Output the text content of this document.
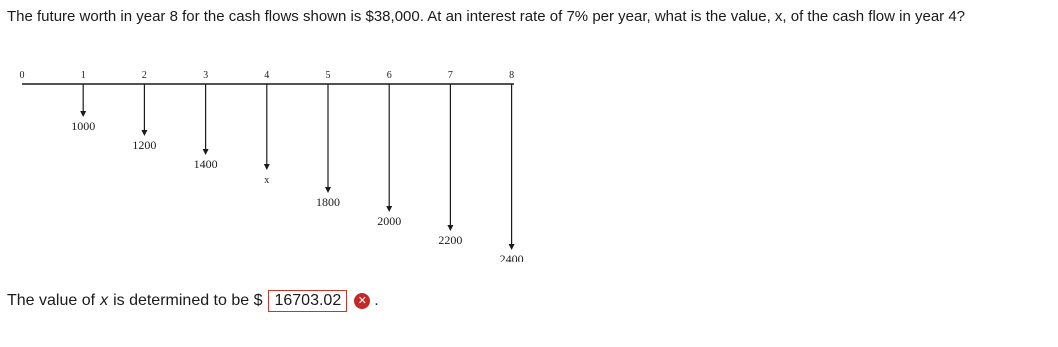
The future worth in year 8 for the cash flows shown is $38,000. At an interest rate of 7% per year, what is the value, x, of the cash flow in year 4?

0	1	2	3	4	5	6	7	8
1000
1200
1400
x
1800
2000
2200
2400
The value of x is determined to be $ 16703.02	✕ .
